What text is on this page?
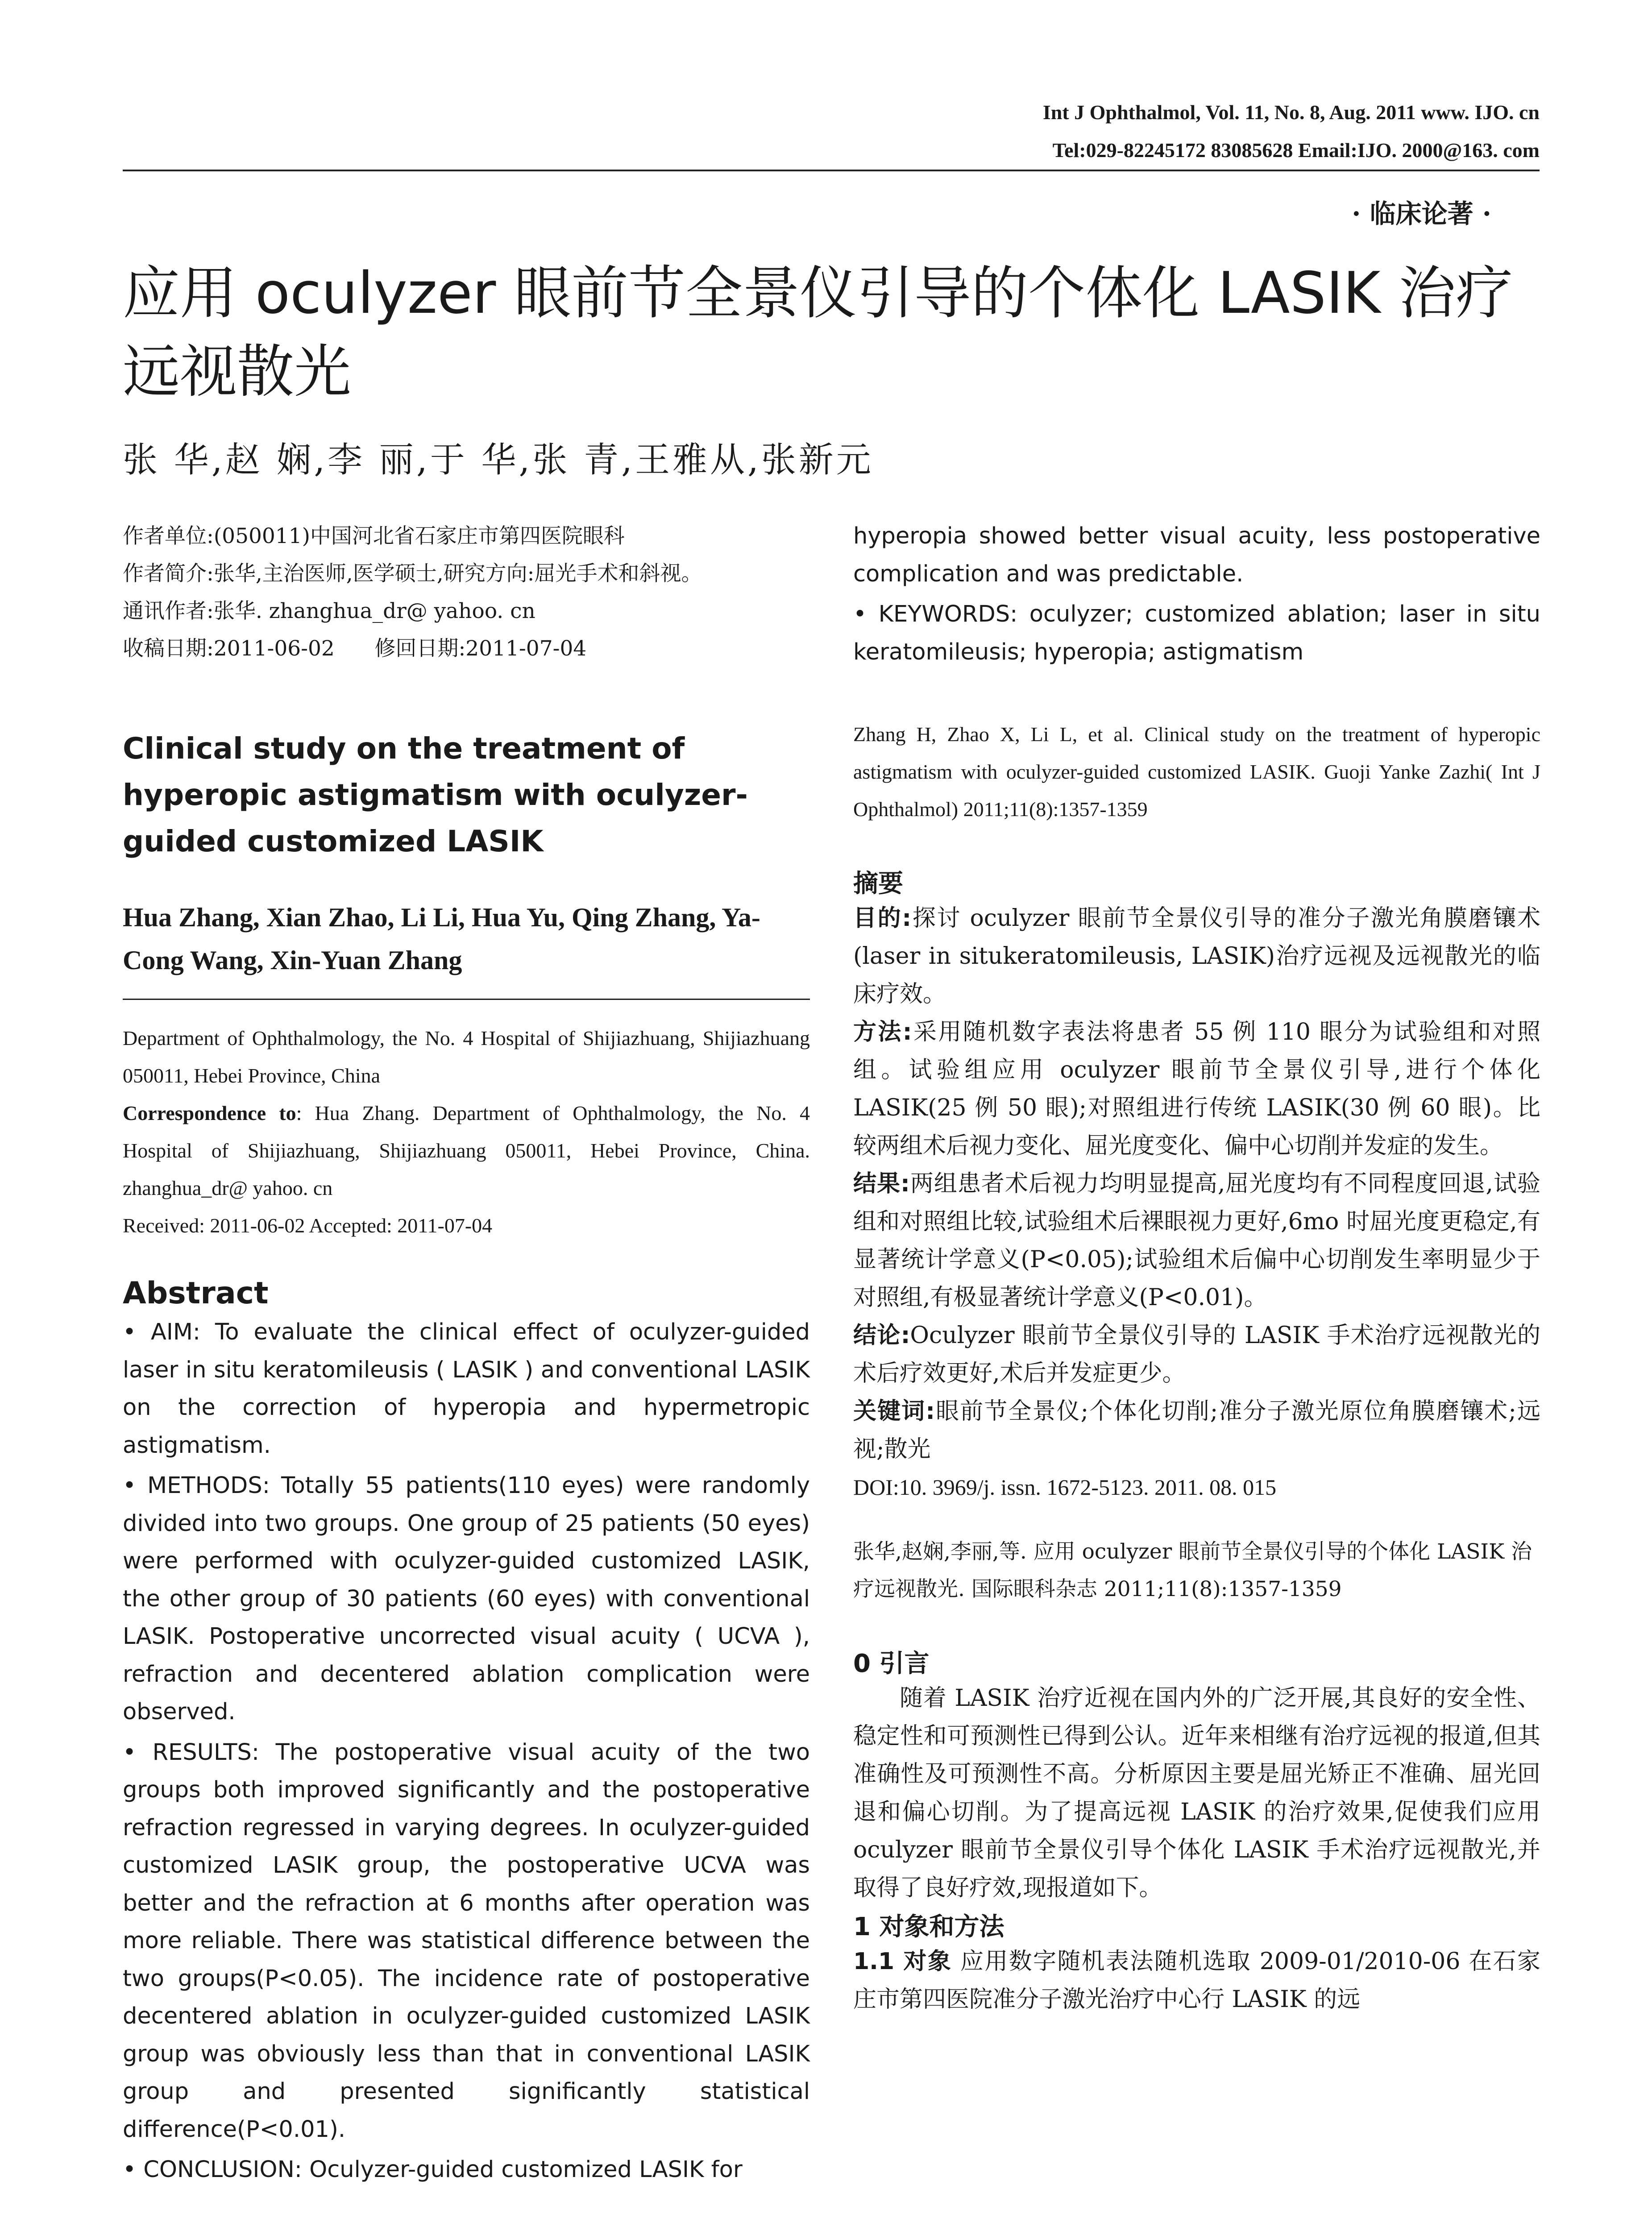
Int J Ophthalmol, Vol. 11, No. 8, Aug. 2011 www. IJO. cn
Tel:029-82245172 83085628 Email:IJO. 2000@163. com
· 临床论著 ·
应用 oculyzer 眼前节全景仪引导的个体化 LASIK 治疗远视散光
张 华,赵 娴,李 丽,于 华,张 青,王雅从,张新元

作者单位:(050011)中国河北省石家庄市第四医院眼科

作者简介:张华,主治医师,医学硕士,研究方向:屈光手术和斜视。

通讯作者:张华. zhanghua_dr@ yahoo. cn

收稿日期:2011-06-02      修回日期:2011-07-04

Clinical study on the treatment of hyperopic astigmatism with oculyzer-guided customized LASIK
Hua Zhang, Xian Zhao, Li Li, Hua Yu, Qing Zhang, Ya-Cong Wang, Xin-Yuan Zhang

Department of Ophthalmology, the No. 4 Hospital of Shijiazhuang, Shijiazhuang 050011, Hebei Province, China

Correspondence to: Hua Zhang. Department of Ophthalmology, the No. 4 Hospital of Shijiazhuang, Shijiazhuang 050011, Hebei Province, China. zhanghua_dr@ yahoo. cn

Received: 2011-06-02 Accepted: 2011-07-04

Abstract

• AIM: To evaluate the clinical effect of oculyzer-guided laser in situ keratomileusis ( LASIK ) and conventional LASIK on the correction of hyperopia and hypermetropic astigmatism.

• METHODS: Totally 55 patients(110 eyes) were randomly divided into two groups. One group of 25 patients (50 eyes) were performed with oculyzer-guided customized LASIK, the other group of 30 patients (60 eyes) with conventional LASIK. Postoperative uncorrected visual acuity ( UCVA ), refraction and decentered ablation complication were observed.

• RESULTS: The postoperative visual acuity of the two groups both improved significantly and the postoperative refraction regressed in varying degrees. In oculyzer-guided customized LASIK group, the postoperative UCVA was better and the refraction at 6 months after operation was more reliable. There was statistical difference between the two groups(P<0.05). The incidence rate of postoperative decentered ablation in oculyzer-guided customized LASIK group was obviously less than that in conventional LASIK group and presented significantly statistical difference(P<0.01).

• CONCLUSION: Oculyzer-guided customized LASIK for

hyperopia showed better visual acuity, less postoperative complication and was predictable.

• KEYWORDS: oculyzer; customized ablation; laser in situ keratomileusis; hyperopia; astigmatism

Zhang H, Zhao X, Li L, et al. Clinical study on the treatment of hyperopic astigmatism with oculyzer-guided customized LASIK. Guoji Yanke Zazhi( Int J Ophthalmol) 2011;11(8):1357-1359

摘要

目的:探讨 oculyzer 眼前节全景仪引导的准分子激光角膜磨镶术(laser in situkeratomileusis, LASIK)治疗远视及远视散光的临床疗效。

方法:采用随机数字表法将患者 55 例 110 眼分为试验组和对照组。试验组应用 oculyzer 眼前节全景仪引导,进行个体化 LASIK(25 例 50 眼);对照组进行传统 LASIK(30 例 60 眼)。比较两组术后视力变化、屈光度变化、偏中心切削并发症的发生。

结果:两组患者术后视力均明显提高,屈光度均有不同程度回退,试验组和对照组比较,试验组术后裸眼视力更好,6mo 时屈光度更稳定,有显著统计学意义(P<0.05);试验组术后偏中心切削发生率明显少于对照组,有极显著统计学意义(P<0.01)。

结论:Oculyzer 眼前节全景仪引导的 LASIK 手术治疗远视散光的术后疗效更好,术后并发症更少。

关键词:眼前节全景仪;个体化切削;准分子激光原位角膜磨镶术;远视;散光

DOI:10. 3969/j. issn. 1672-5123. 2011. 08. 015

张华,赵娴,李丽,等. 应用 oculyzer 眼前节全景仪引导的个体化 LASIK 治疗远视散光. 国际眼科杂志 2011;11(8):1357-1359

0 引言

随着 LASIK 治疗近视在国内外的广泛开展,其良好的安全性、稳定性和可预测性已得到公认。近年来相继有治疗远视的报道,但其准确性及可预测性不高。分析原因主要是屈光矫正不准确、屈光回退和偏心切削。为了提高远视 LASIK 的治疗效果,促使我们应用 oculyzer 眼前节全景仪引导个体化 LASIK 手术治疗远视散光,并取得了良好疗效,现报道如下。

1 对象和方法

1.1 对象 应用数字随机表法随机选取 2009-01/2010-06 在石家庄市第四医院准分子激光治疗中心行 LASIK 的远
